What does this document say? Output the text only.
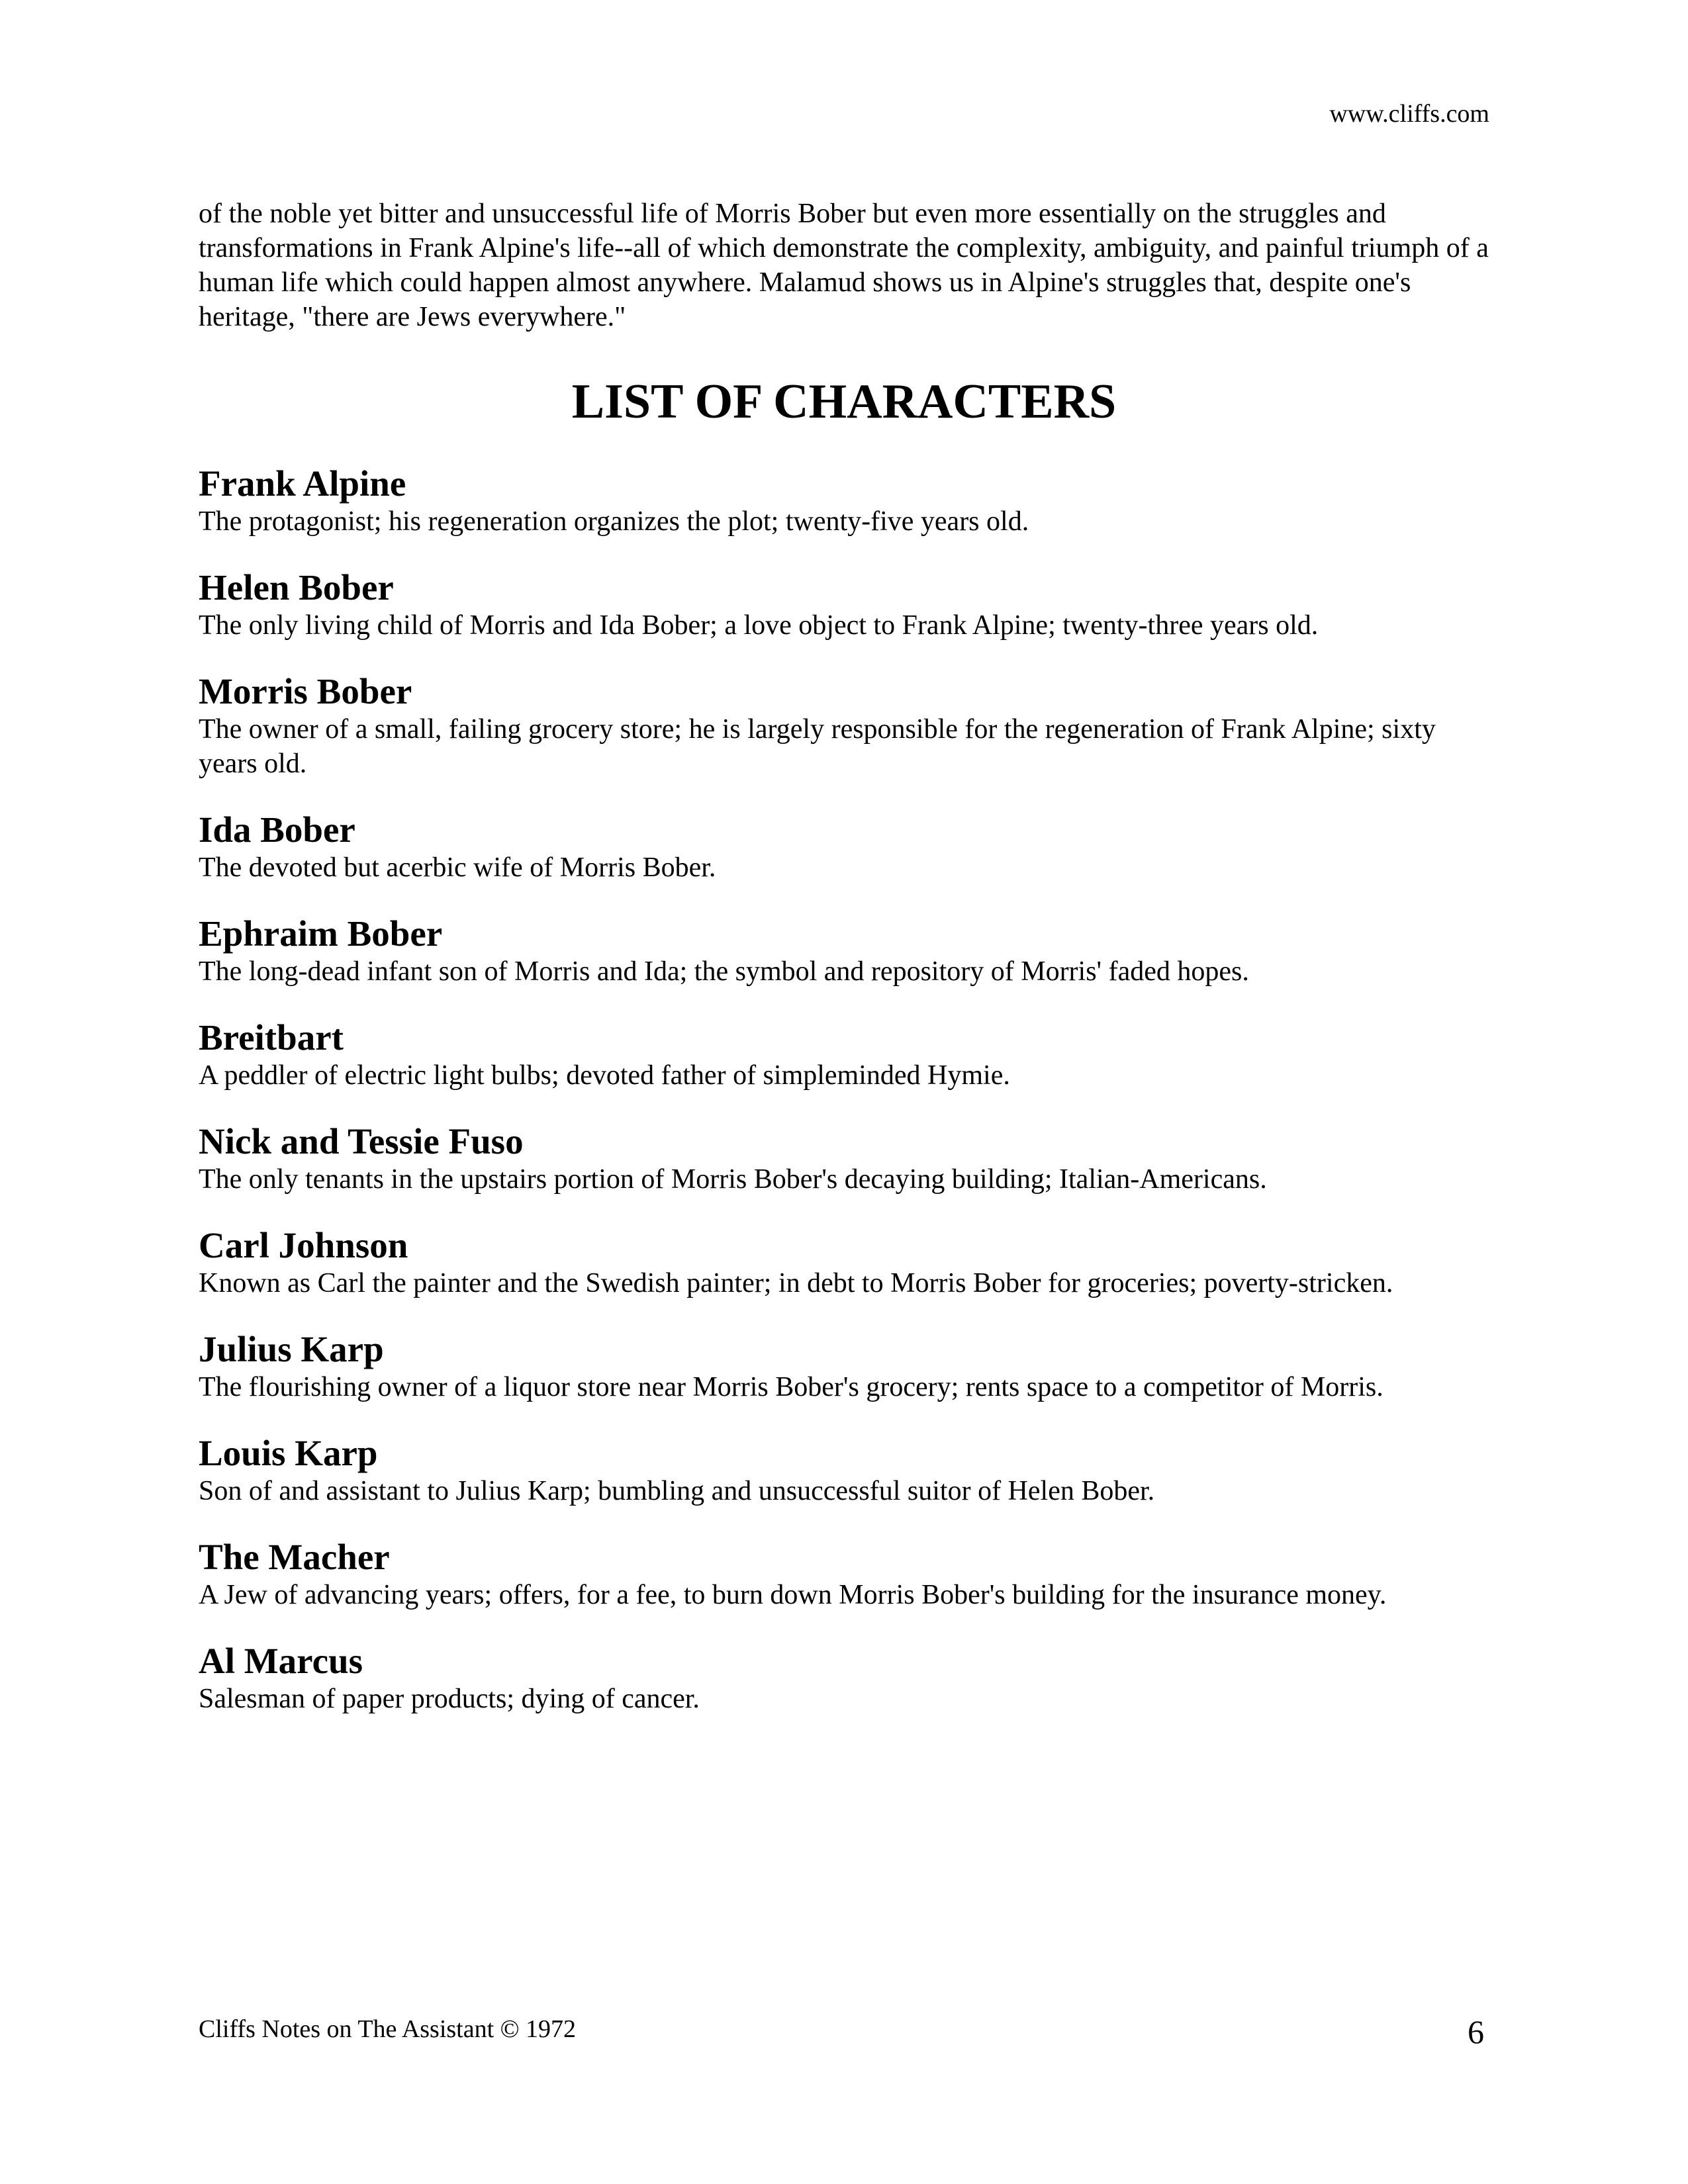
www.cliffs.com

of the noble yet bitter and unsuccessful life of Morris Bober but even more essentially on the struggles and transformations in Frank Alpine's life--all of which demonstrate the complexity, ambiguity, and painful triumph of a human life which could happen almost anywhere. Malamud shows us in Alpine's struggles that, despite one's heritage, "there are Jews everywhere."

LIST OF CHARACTERS
Frank Alpine
The protagonist; his regeneration organizes the plot; twenty-five years old.
Helen Bober
The only living child of Morris and Ida Bober; a love object to Frank Alpine; twenty-three years old.
Morris Bober
The owner of a small, failing grocery store; he is largely responsible for the regeneration of Frank Alpine; sixty years old.
Ida Bober
The devoted but acerbic wife of Morris Bober.
Ephraim Bober
The long-dead infant son of Morris and Ida; the symbol and repository of Morris' faded hopes.
Breitbart
A peddler of electric light bulbs; devoted father of simpleminded Hymie.
Nick and Tessie Fuso
The only tenants in the upstairs portion of Morris Bober's decaying building; Italian-Americans.
Carl Johnson
Known as Carl the painter and the Swedish painter; in debt to Morris Bober for groceries; poverty-stricken.
Julius Karp
The flourishing owner of a liquor store near Morris Bober's grocery; rents space to a competitor of Morris.
Louis Karp
Son of and assistant to Julius Karp; bumbling and unsuccessful suitor of Helen Bober.
The Macher
A Jew of advancing years; offers, for a fee, to burn down Morris Bober's building for the insurance money.
Al Marcus
Salesman of paper products; dying of cancer.
Cliffs Notes on The Assistant © 1972	6
